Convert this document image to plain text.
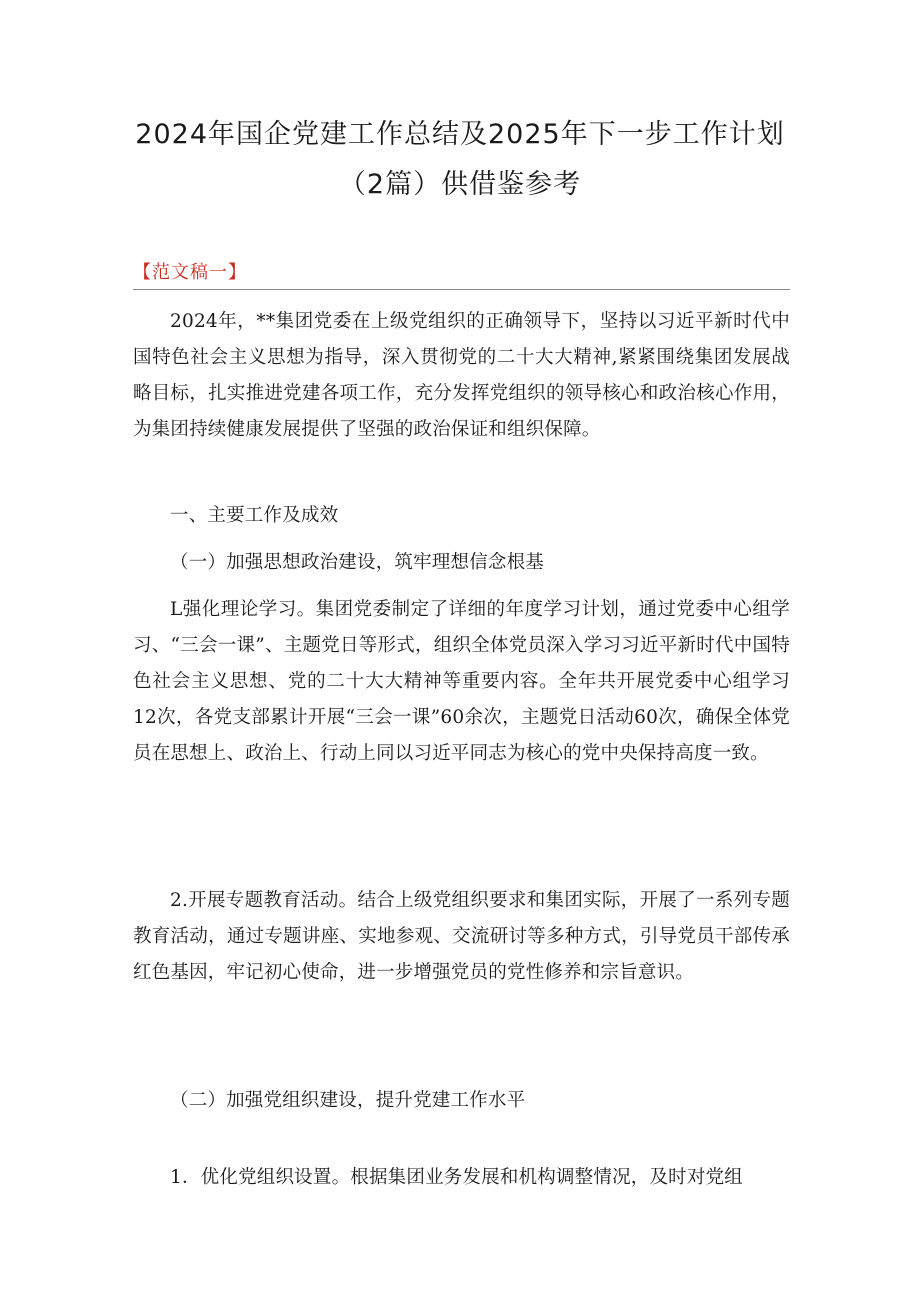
2024年国企党建工作总结及2025年下一步工作计划（2篇）供借鉴参考
【范文稿一】

2024年，**集团党委在上级党组织的正确领导下，坚持以习近平新时代中国特色社会主义思想为指导，深入贯彻党的二十大大精神,紧紧围绕集团发展战略目标，扎实推进党建各项工作，充分发挥党组织的领导核心和政治核心作用，为集团持续健康发展提供了坚强的政治保证和组织保障。

一、主要工作及成效

（一）加强思想政治建设，筑牢理想信念根基

L强化理论学习。集团党委制定了详细的年度学习计划，通过党委中心组学习、“三会一课”、主题党日等形式，组织全体党员深入学习习近平新时代中国特色社会主义思想、党的二十大大精神等重要内容。全年共开展党委中心组学习12次，各党支部累计开展“三会一课”60余次，主题党日活动60次，确保全体党员在思想上、政治上、行动上同以习近平同志为核心的党中央保持高度一致。

2.开展专题教育活动。结合上级党组织要求和集团实际，开展了一系列专题教育活动，通过专题讲座、实地参观、交流研讨等多种方式，引导党员干部传承红色基因，牢记初心使命，进一步增强党员的党性修养和宗旨意识。

（二）加强党组织建设，提升党建工作水平

1．优化党组织设置。根据集团业务发展和机构调整情况，及时对党组
